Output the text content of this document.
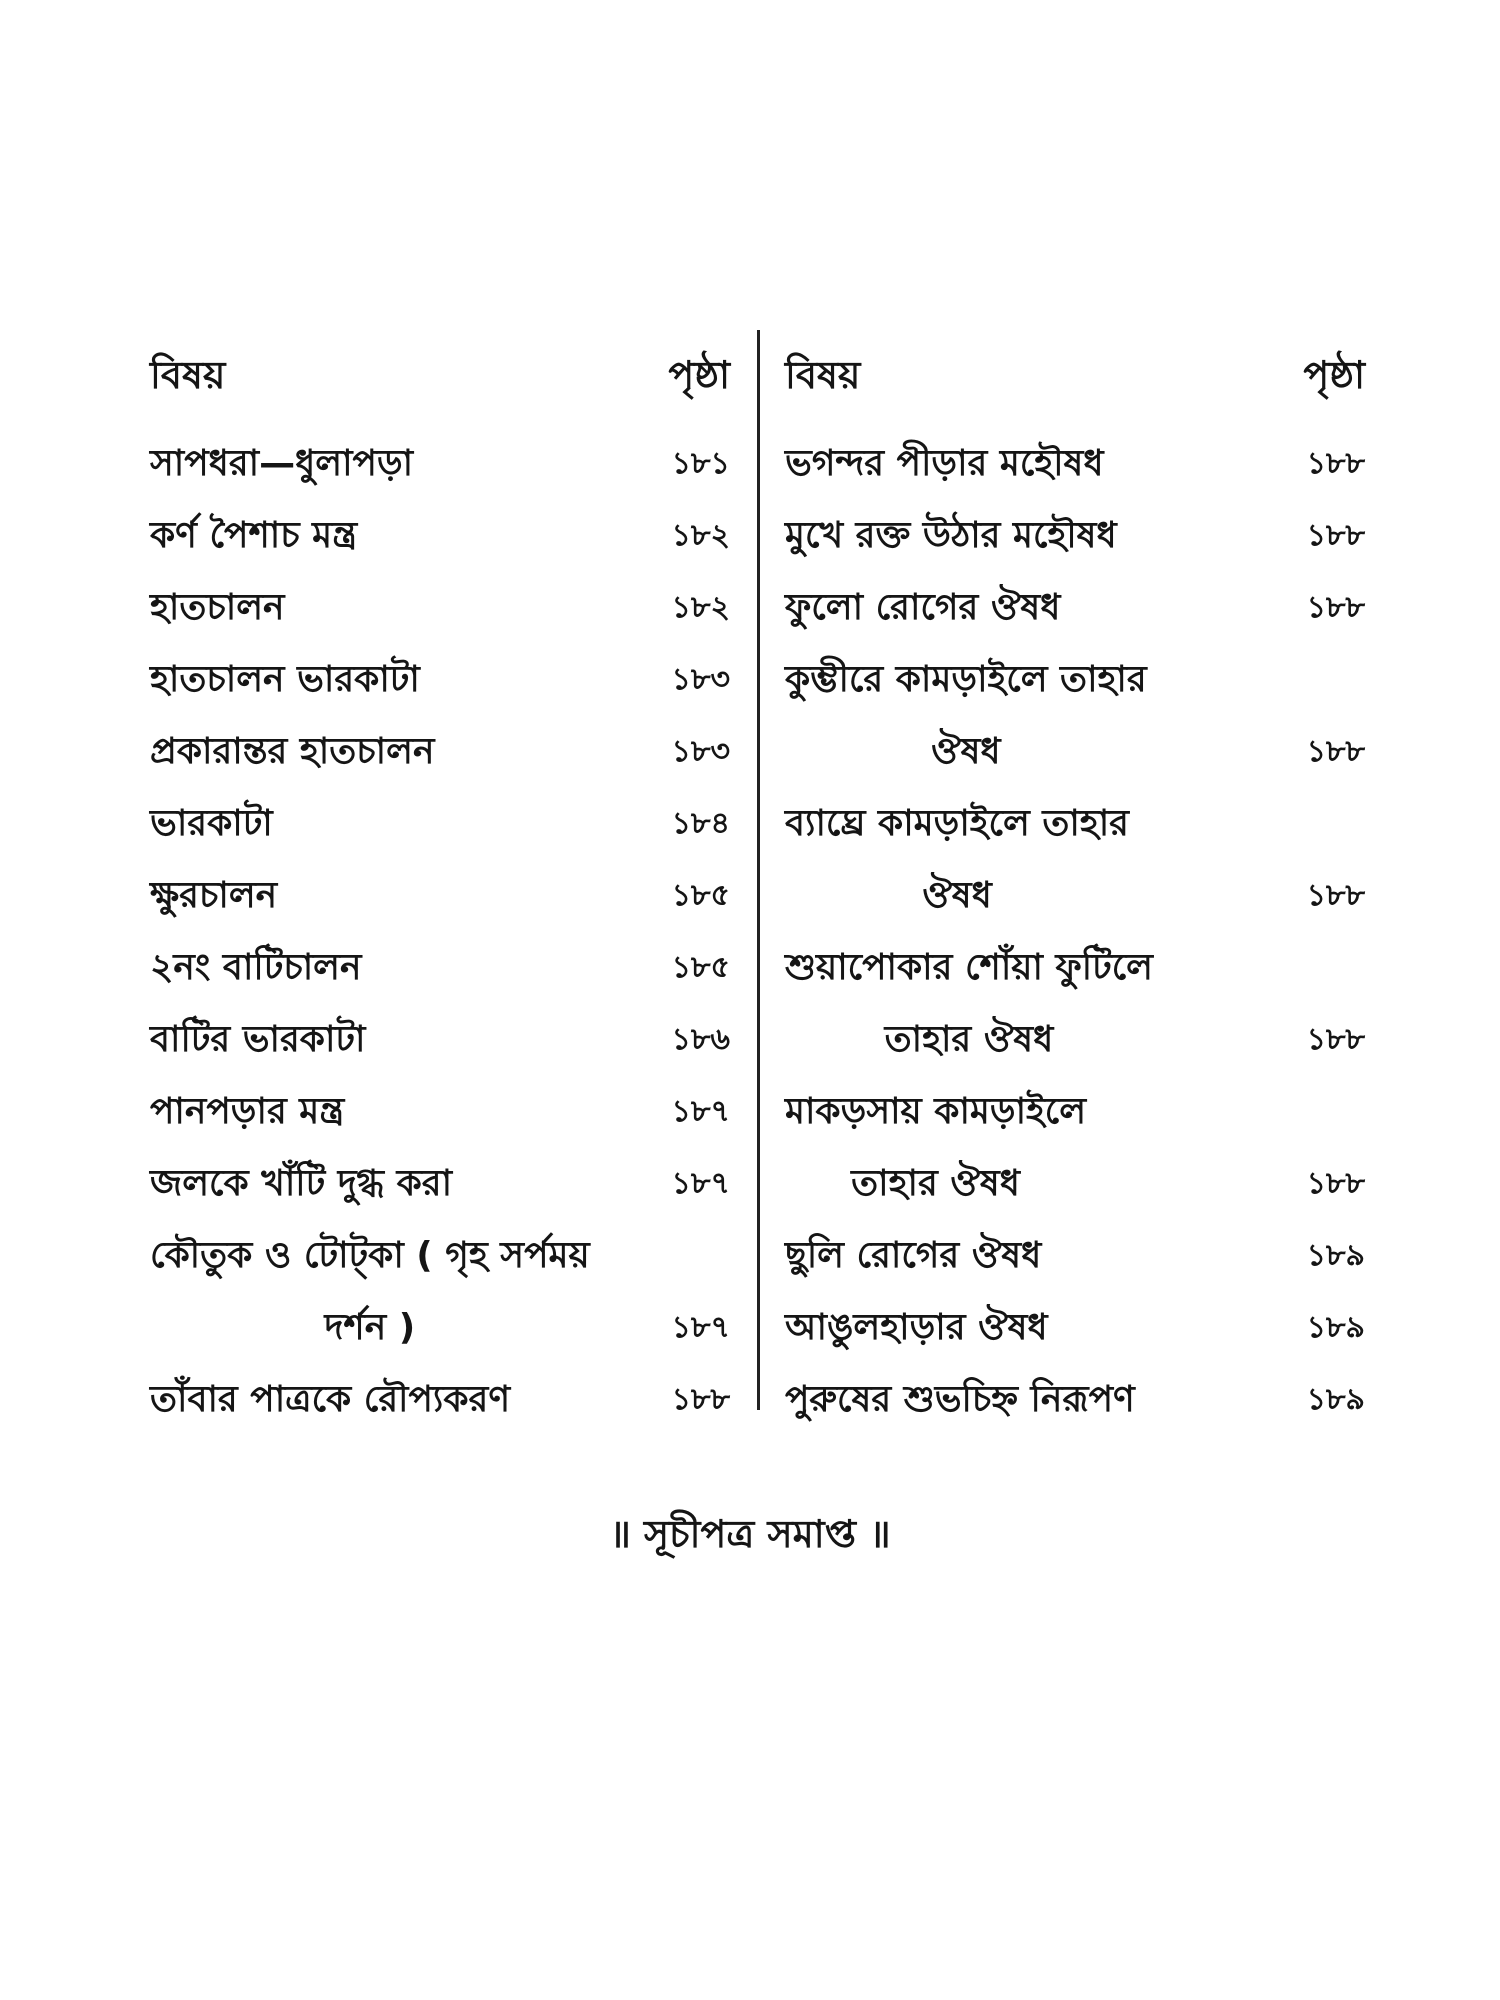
বিষয়	পৃষ্ঠা
সাপধরা—ধুলাপড়া	১৮১
কর্ণ পৈশাচ মন্ত্র	১৮২
হাতচালন	১৮২
হাতচালন ভারকাটা	১৮৩
প্রকারান্তর হাতচালন	১৮৩
ভারকাটা	১৮৪
ক্ষুরচালন	১৮৫
২নং বাটিচালন	১৮৫
বাটির ভারকাটা	১৮৬
পানপড়ার মন্ত্র	১৮৭
জলকে খাঁটি দুগ্ধ করা	১৮৭
কৌতুক ও টোট্‌কা ( গৃহ সর্পময়
দর্শন )	১৮৭
তাঁবার পাত্রকে রৌপ্যকরণ	১৮৮
বিষয়	পৃষ্ঠা
ভগন্দর পীড়ার মহৌষধ	১৮৮
মুখে রক্ত উঠার মহৌষধ	১৮৮
ফুলো রোগের ঔষধ	১৮৮
কুম্ভীরে কামড়াইলে তাহার
ঔষধ	১৮৮
ব্যাঘ্রে কামড়াইলে তাহার
ঔষধ	১৮৮
শুয়াপোকার শোঁয়া ফুটিলে
তাহার ঔষধ	১৮৮
মাকড়সায় কামড়াইলে
তাহার ঔষধ	১৮৮
ছুলি রোগের ঔষধ	১৮৯
আঙুলহাড়ার ঔষধ	১৮৯
পুরুষের শুভচিহ্ন নিরূপণ	১৮৯
॥ সূচীপত্র সমাপ্ত ॥
